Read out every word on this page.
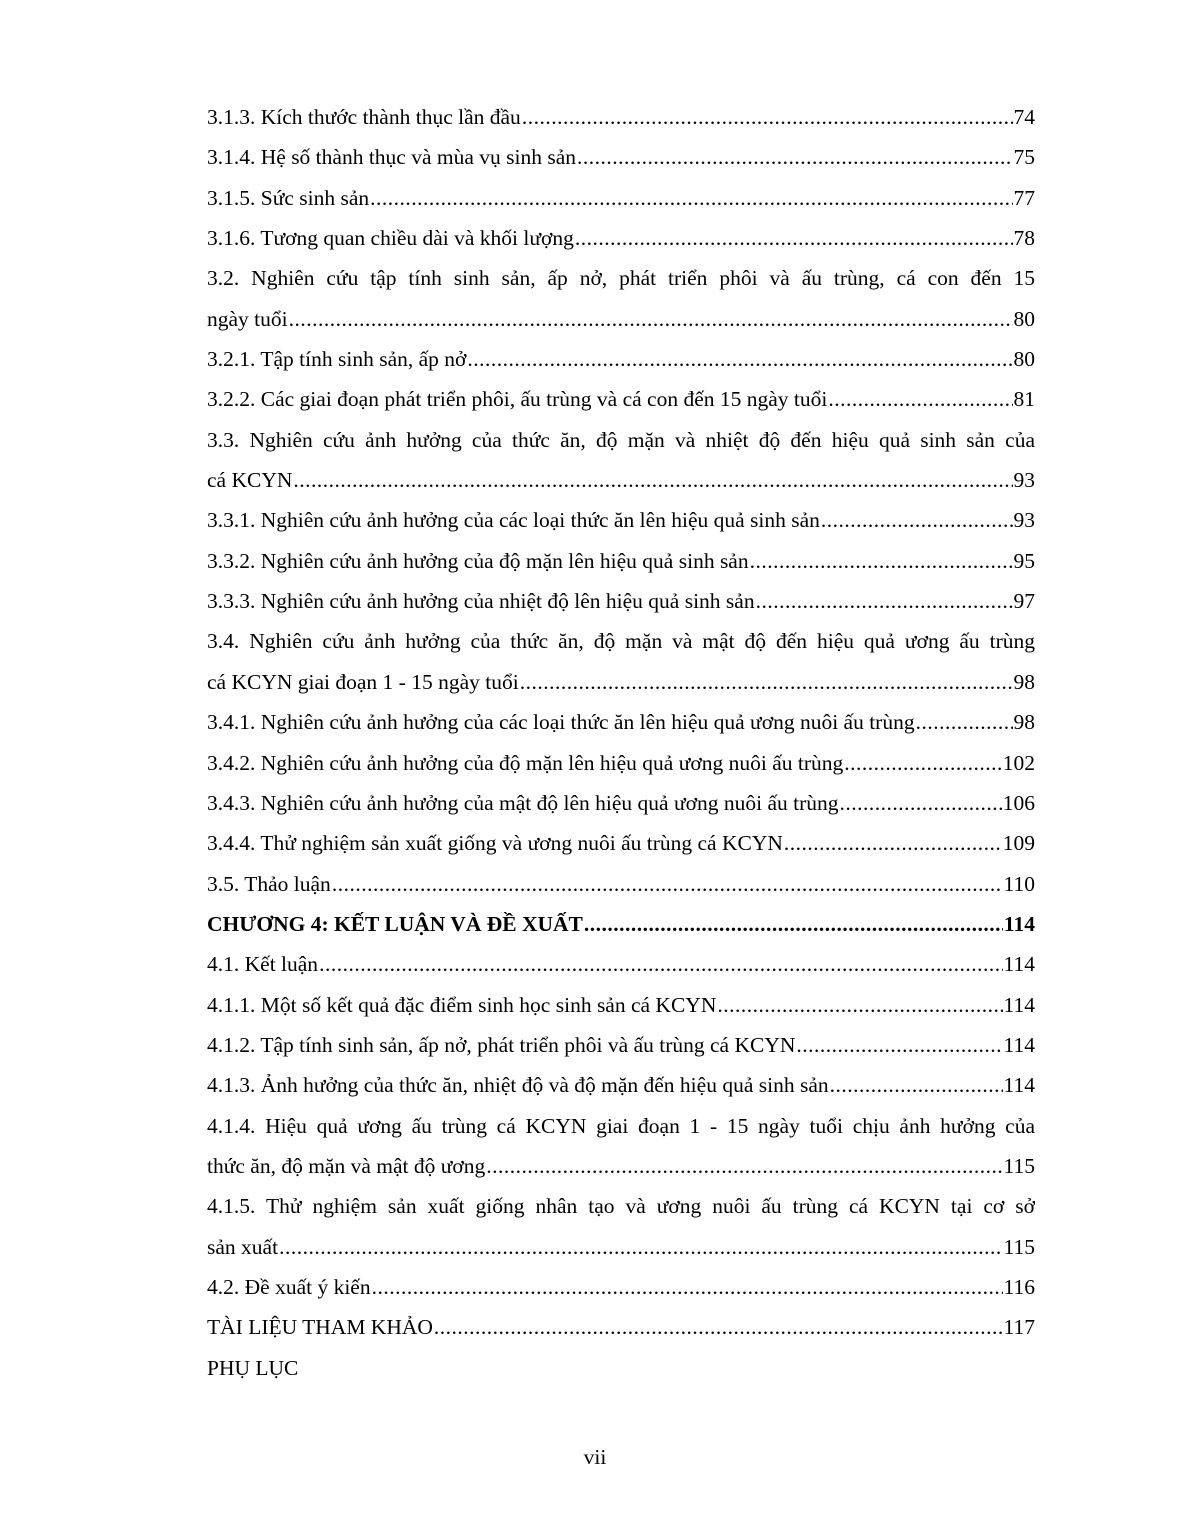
3.1.3. Kích thước thành thục lần đầu .....	74
3.1.4. Hệ số thành thục và mùa vụ sinh sản .....	75
3.1.5. Sức sinh sản .....	77
3.1.6. Tương quan chiều dài và khối lượng .....	78
3.2. Nghiên cứu tập tính sinh sản, ấp nở, phát triển phôi và ấu trùng, cá con đến 15
ngày tuổi .....	80
3.2.1. Tập tính sinh sản, ấp nở .....	80
3.2.2. Các giai đoạn phát triển phôi, ấu trùng và cá con đến 15 ngày tuổi .....	81
3.3. Nghiên cứu ảnh hưởng của thức ăn, độ mặn và nhiệt độ đến hiệu quả sinh sản của
cá KCYN .....	93
3.3.1. Nghiên cứu ảnh hưởng của các loại thức ăn lên hiệu quả sinh sản .....	93
3.3.2. Nghiên cứu ảnh hưởng của độ mặn lên hiệu quả sinh sản .....	95
3.3.3. Nghiên cứu ảnh hưởng của nhiệt độ lên hiệu quả sinh sản .....	97
3.4. Nghiên cứu ảnh hưởng của thức ăn, độ mặn và mật độ đến hiệu quả ương ấu trùng
cá KCYN giai đoạn 1 - 15 ngày tuổi .....	98
3.4.1. Nghiên cứu ảnh hưởng của các loại thức ăn lên hiệu quả ương nuôi ấu trùng .....	98
3.4.2. Nghiên cứu ảnh hưởng của độ mặn lên hiệu quả ương nuôi ấu trùng .....	102
3.4.3. Nghiên cứu ảnh hưởng của mật độ lên hiệu quả ương nuôi ấu trùng .....	106
3.4.4. Thử nghiệm sản xuất giống và ương nuôi ấu trùng cá KCYN .....	109
3.5. Thảo luận .....	110
CHƯƠNG 4: KẾT LUẬN VÀ ĐỀ XUẤT .....	114
4.1. Kết luận .....	114
4.1.1. Một số kết quả đặc điểm sinh học sinh sản cá KCYN .....	114
4.1.2. Tập tính sinh sản, ấp nở, phát triển phôi và ấu trùng cá KCYN .....	114
4.1.3. Ảnh hưởng của thức ăn, nhiệt độ và độ mặn đến hiệu quả sinh sản .....	114
4.1.4. Hiệu quả ương ấu trùng cá KCYN giai đoạn 1 - 15 ngày tuổi chịu ảnh hưởng của
thức ăn, độ mặn và mật độ ương .....	115
4.1.5. Thử nghiệm sản xuất giống nhân tạo và ương nuôi ấu trùng cá KCYN tại cơ sở
sản xuất .....	115
4.2. Đề xuất ý kiến .....	116
TÀI LIỆU THAM KHẢO .....	117
PHỤ LỤC
vii
